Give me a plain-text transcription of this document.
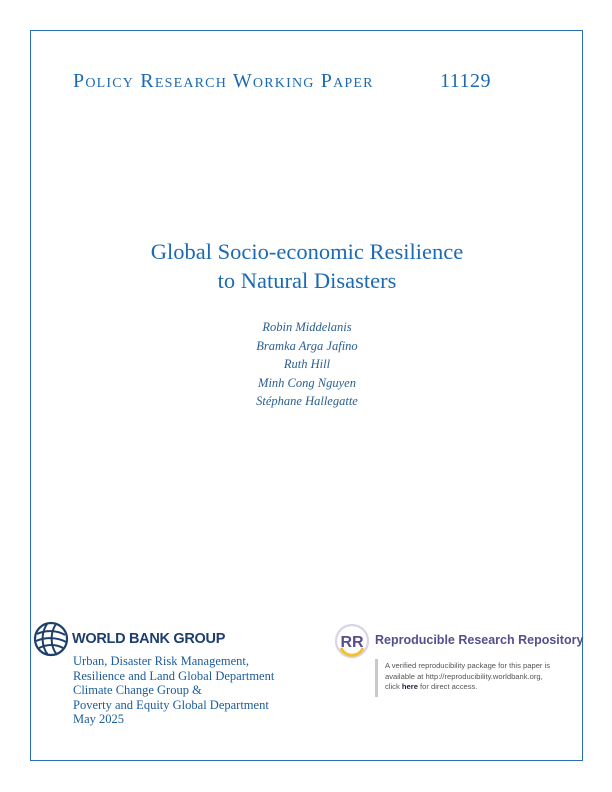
Policy Research Working Paper	11129
Global Socio-economic Resilience
to Natural Disasters
Robin Middelanis
Bramka Arga Jafino
Ruth Hill
Minh Cong Nguyen
Stéphane Hallegatte
WORLD BANK GROUP
Urban, Disaster Risk Management,
Resilience and Land Global Department
Climate Change Group &
Poverty and Equity Global Department
May 2025
RR Reproducible Research Repository
A verified reproducibility package for this paper is
available at http://reproducibility.worldbank.org,
click here for direct access.
